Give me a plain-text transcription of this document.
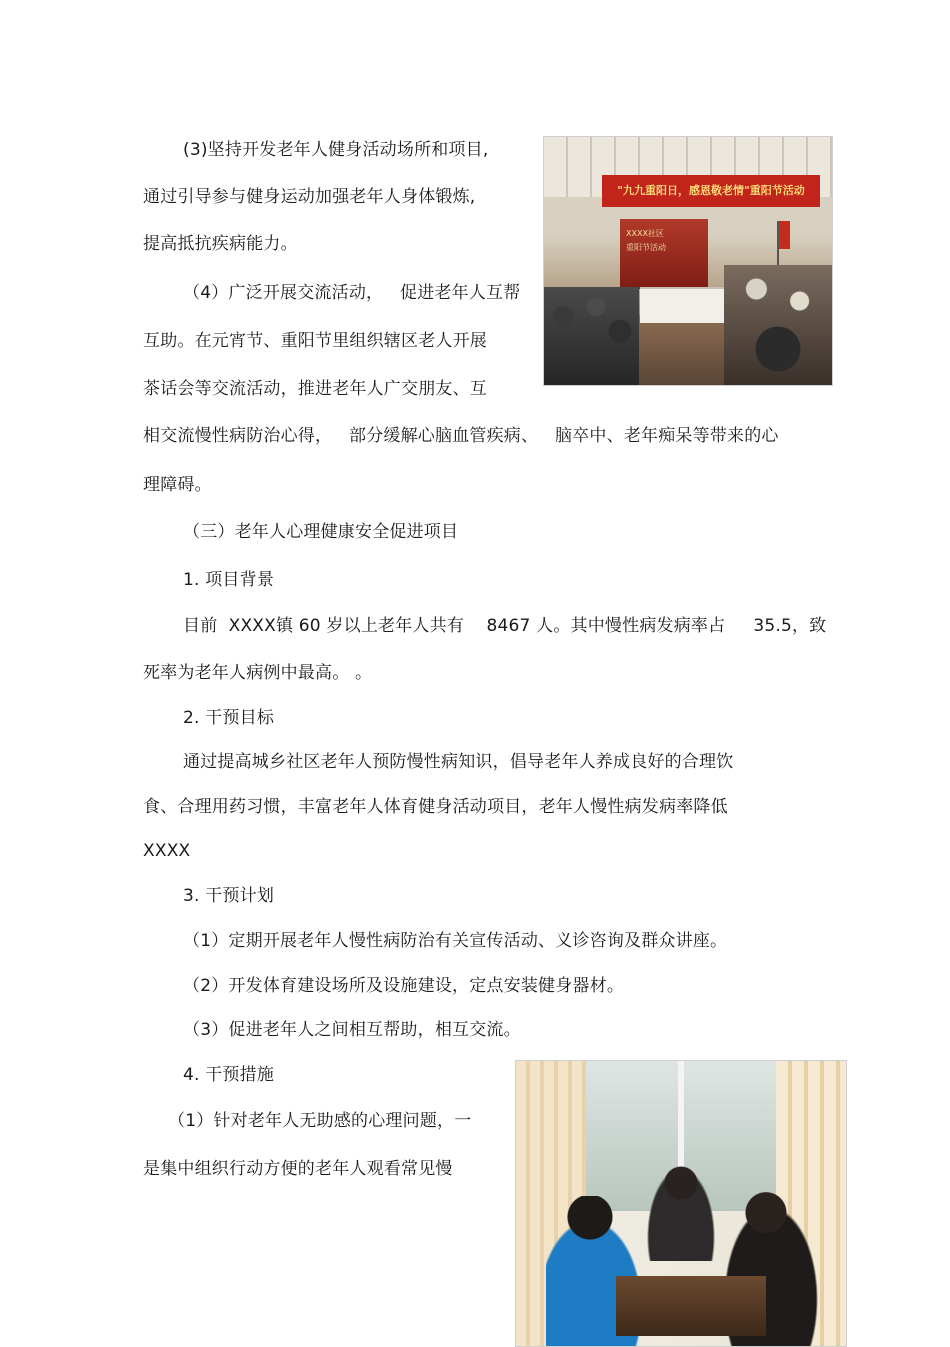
(3)坚持开发老年人健身活动场所和项目,
通过引导参与健身运动加强老年人身体锻炼,
提高抵抗疾病能力。
（4）广泛开展交流活动，   促进老年人互帮
互助。在元宵节、重阳节里组织辖区老人开展
茶话会等交流活动，推进老年人广交朋友、互
相交流慢性病防治心得，   部分缓解心脑血管疾病、   脑卒中、老年痴呆等带来的心
理障碍。
（三）老年人心理健康安全促进项目
1. 项目背景
目前  XXXX镇 60 岁以上老年人共有    8467 人。其中慢性病发病率占     35.5，致
死率为老年人病例中最高。 。
2. 干预目标
通过提高城乡社区老年人预防慢性病知识，倡导老年人养成良好的合理饮
食、合理用药习惯，丰富老年人体育健身活动项目，老年人慢性病发病率降低
XXXX
3. 干预计划
（1）定期开展老年人慢性病防治有关宣传活动、义诊咨询及群众讲座。
（2）开发体育建设场所及设施建设，定点安装健身器材。
（3）促进老年人之间相互帮助，相互交流。
4. 干预措施
（1）针对老年人无助感的心理问题，一
是集中组织行动方便的老年人观看常见慢
"九九重阳日，感恩敬老情"重阳节活动
XXXX社区
重阳节活动
